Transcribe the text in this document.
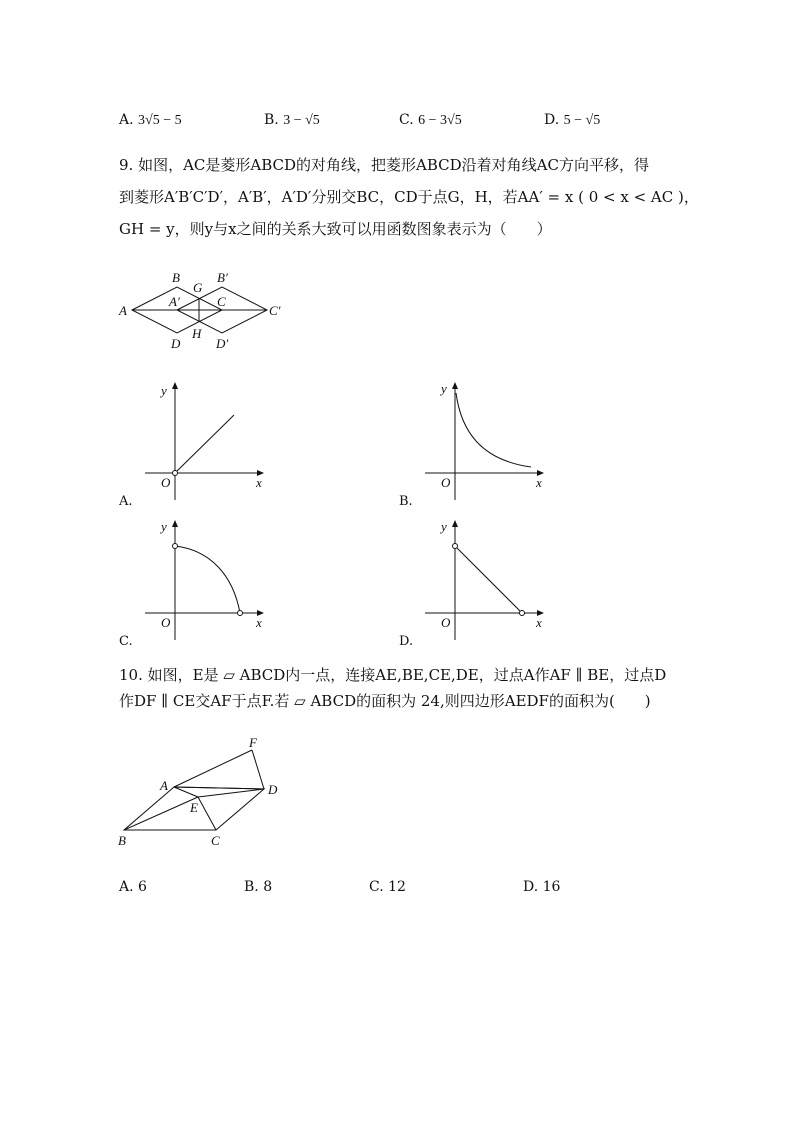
A. 3√5 − 5	B. 3 − √5	C. 6 − 3√5	D. 5 − √5
9. 如图，AC是菱形ABCD的对角线，把菱形ABCD沿着对角线AC方向平移，得
到菱形A′B′C′D′，A′B′，A′D′分别交BC，CD于点G，H，若AA′ = x ( 0 < x < AC )，
GH = y，则y与x之间的关系大致可以用函数图象表示为（　　）
A
B
G
B′
A′	C
C′
D
H
D′
y
x
O
A.
y
x
O
B.
y
x
O
C.
y
x
O
D.
10. 如图，E是 ▱ ABCD内一点，连接AE,BE,CE,DE，过点A作AF ∥ BE，过点D
作DF ∥ CE交AF于点F.若 ▱ ABCD的面积为 24,则四边形AEDF的面积为(　　)
F
A	D
E
B	C
A. 6	B. 8	C. 12	D. 16
